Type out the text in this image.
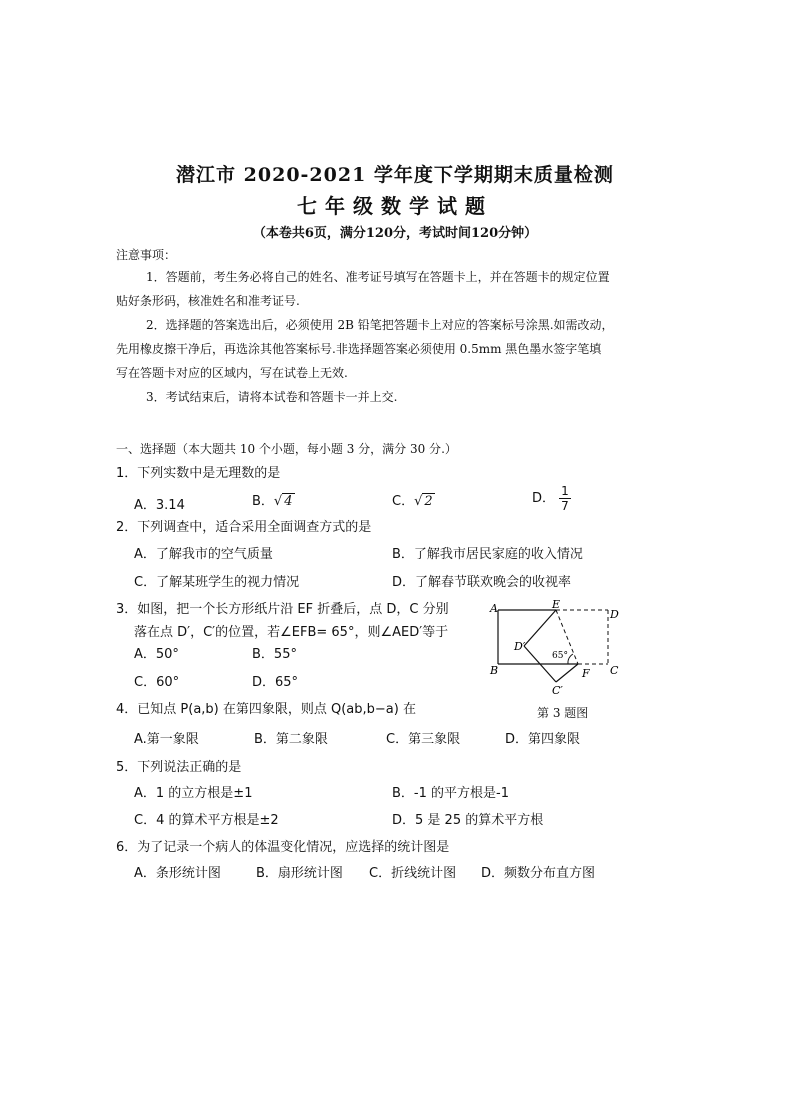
潜江市 2020-2021 学年度下学期期末质量检测
七年级数学试题
（本卷共6页，满分120分，考试时间120分钟）
注意事项：
1．答题前，考生务必将自己的姓名、准考证号填写在答题卡上，并在答题卡的规定位置
贴好条形码，核准姓名和准考证号.
2．选择题的答案选出后，必须使用 2B 铅笔把答题卡上对应的答案标号涂黑.如需改动，
先用橡皮擦干净后，再选涂其他答案标号.非选择题答案必须使用 0.5mm 黑色墨水签字笔填
写在答题卡对应的区域内，写在试卷上无效.
3．考试结束后，请将本试卷和答题卡一并上交.
一、选择题（本大题共 10 个小题，每小题 3 分，满分 30 分.）
1．下列实数中是无理数的是
A．3.14	B．√ 4	C．√ 2	D． $\frac{1}{7}$
2．下列调查中，适合采用全面调查方式的是
A．了解我市的空气质量	B．了解我市居民家庭的收入情况
C．了解某班学生的视力情况	D．了解春节联欢晚会的收视率
3．如图，把一个长方形纸片沿 EF 折叠后，点 D，C 分别
落在点 D′，C′的位置，若∠EFB= 65°，则∠AED′等于
A．50°	B．55°
C．60°	D．65°
A	E
D
B	C
F
D′
C′
65°
第 3 题图
4．已知点 P(a,b) 在第四象限，则点 Q(ab,b−a) 在
A.第一象限	B．第二象限	C．第三象限	D．第四象限
5．下列说法正确的是
A．1 的立方根是±1	B．-1 的平方根是-1
C．4 的算术平方根是±2	D．5 是 25 的算术平方根
6．为了记录一个病人的体温变化情况，应选择的统计图是
A．条形统计图	B．扇形统计图 C．折线统计图 D．频数分布直方图
